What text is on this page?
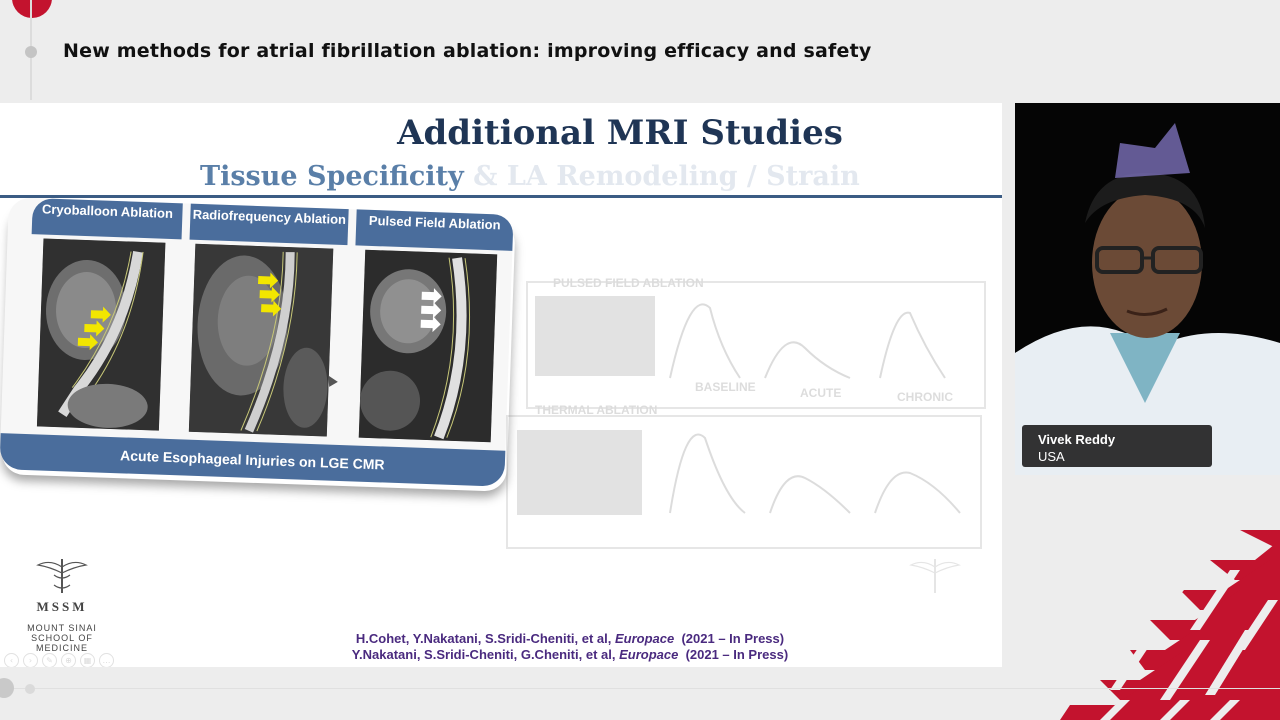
New methods for atrial fibrillation ablation: improving efficacy and safety
Additional MRI Studies
Tissue Specificity & LA Remodeling / Strain
Cryoballoon Ablation	Radiofrequency Ablation	Pulsed Field Ablation
Acute Esophageal Injuries on LGE CMR
PULSED FIELD ABLATION
THERMAL ABLATION
BASELINE	ACUTE	CHRONIC
MSSM
MOUNT SINAI
SCHOOL OF
MEDICINE
H.Cohet, Y.Nakatani, S.Sridi-Cheniti, et al, Europace (2021 – In Press)
Y.Nakatani, S.Sridi-Cheniti, G.Cheniti, et al, Europace (2021 – In Press)
‹	›	✎	⊕	▦	…
Vivek Reddy
USA
